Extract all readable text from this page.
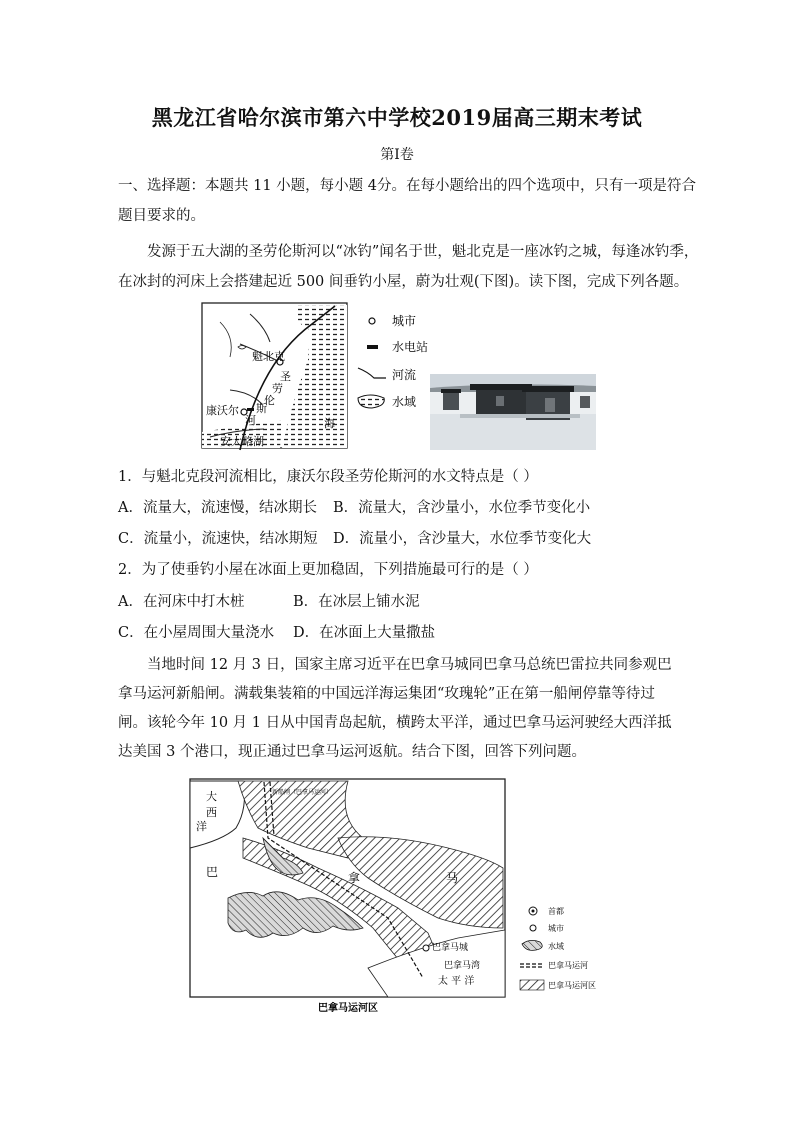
黑龙江省哈尔滨市第六中学校2019届高三期末考试
第Ⅰ卷
一、选择题：本题共 11 小题，每小题 4分。在每小题给出的四个选项中，只有一项是符合
题目要求的。
发源于五大湖的圣劳伦斯河以“冰钓”闻名于世，魁北克是一座冰钓之城，每逢冰钓季，
在冰封的河床上会搭建起近 500 间垂钓小屋，蔚为壮观(下图)。读下图，完成下列各题。
魁北克
圣
劳
伦
斯
河
康沃尔
安大略湖
海
城市
水电站
河流
水域
1．与魁北克段河流相比，康沃尔段圣劳伦斯河的水文特点是（ ）
A．流量大，流速慢，结冰期长 B．流量大，含沙量小，水位季节变化小
C．流量小，流速快，结冰期短 D．流量小，含沙量大，水位季节变化大
2．为了使垂钓小屋在冰面上更加稳固，下列措施最可行的是（ ）
A．在河床中打木桩	B．在冰层上铺水泥
C．在小屋周围大量浇水 D．在冰面上大量撒盐
当地时间 12 月 3 日，国家主席习近平在巴拿马城同巴拿马总统巴雷拉共同参观巴拿马运河新船闸。满载集装箱的中国远洋海运集团“玫瑰轮”正在第一船闸停靠等待过闸。该轮今年 10 月 1 日从中国青岛起航，横跨太平洋，通过巴拿马运河驶经大西洋抵达美国 3 个港口，现正通过巴拿马运河返航。结合下图，回答下列问题。
大
西
洋
新船闸（巴拿马运河）
巴	拿	马
巴拿马城
巴拿马湾
太 平 洋
巴拿马运河区
首都
城市
水域
巴拿马运河
巴拿马运河区
